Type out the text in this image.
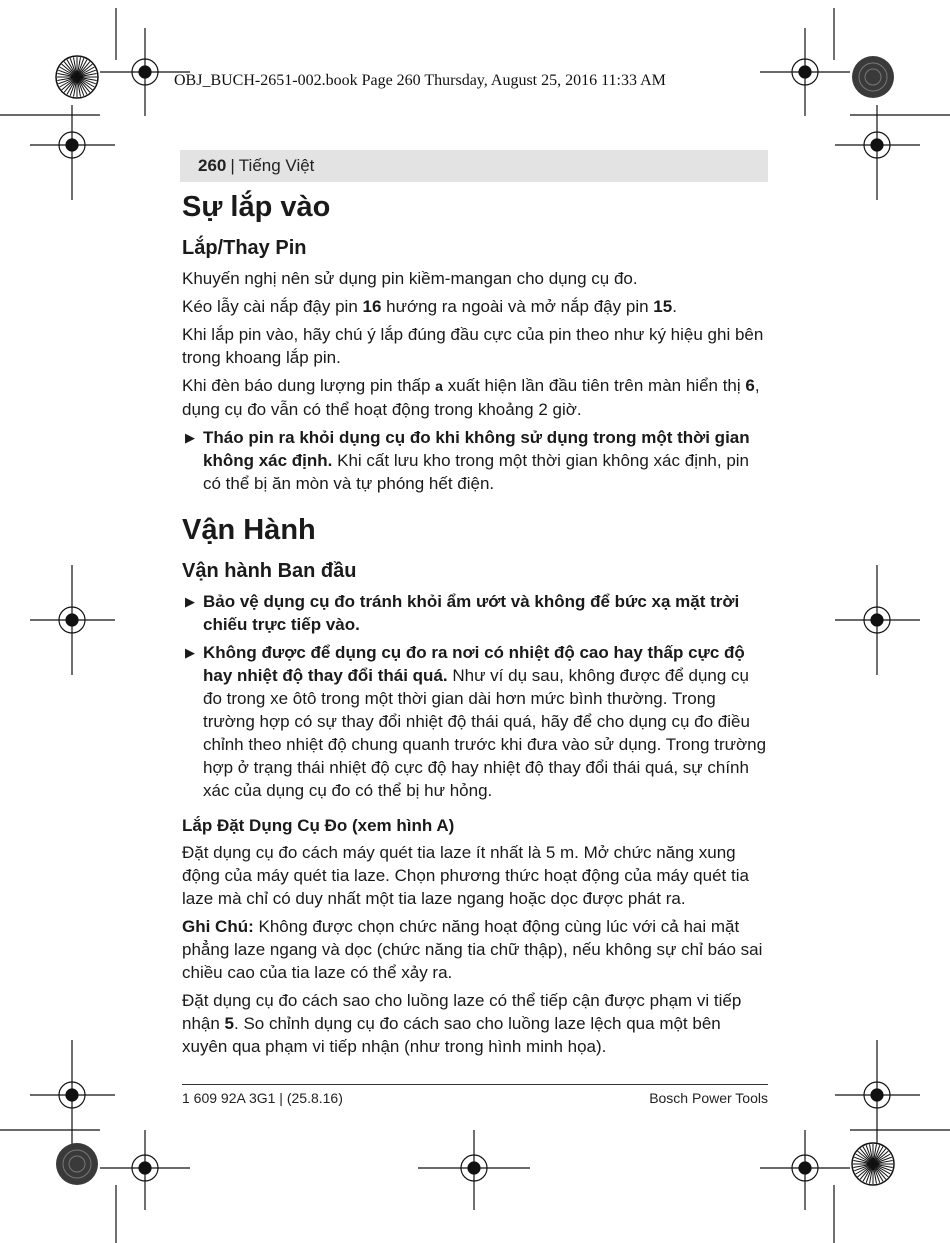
OBJ_BUCH-2651-002.book Page 260 Thursday, August 25, 2016 11:33 AM
260 | Tiếng Việt
Sự lắp vào
Lắp/Thay Pin

Khuyến nghị nên sử dụng pin kiềm-mangan cho dụng cụ đo.

Kéo lẫy cài nắp đậy pin 16 hướng ra ngoài và mở nắp đậy pin 15.

Khi lắp pin vào, hãy chú ý lắp đúng đầu cực của pin theo như ký hiệu ghi bên trong khoang lắp pin.

Khi đèn báo dung lượng pin thấp a xuất hiện lần đầu tiên trên màn hiển thị 6, dụng cụ đo vẫn có thể hoạt động trong khoảng 2 giờ.

▶ Tháo pin ra khỏi dụng cụ đo khi không sử dụng trong một thời gian không xác định. Khi cất lưu kho trong một thời gian không xác định, pin có thể bị ăn mòn và tự phóng hết điện.
Vận Hành
Vận hành Ban đầu
▶ Bảo vệ dụng cụ đo tránh khỏi ẩm ướt và không để bức xạ mặt trời chiếu trực tiếp vào.
▶ Không được để dụng cụ đo ra nơi có nhiệt độ cao hay thấp cực độ hay nhiệt độ thay đổi thái quá. Như ví dụ sau, không được để dụng cụ đo trong xe ôtô trong một thời gian dài hơn mức bình thường. Trong trường hợp có sự thay đổi nhiệt độ thái quá, hãy để cho dụng cụ đo điều chỉnh theo nhiệt độ chung quanh trước khi đưa vào sử dụng. Trong trường hợp ở trạng thái nhiệt độ cực độ hay nhiệt độ thay đổi thái quá, sự chính xác của dụng cụ đo có thể bị hư hỏng.
Lắp Đặt Dụng Cụ Đo (xem hình A)

Đặt dụng cụ đo cách máy quét tia laze ít nhất là 5 m. Mở chức năng xung động của máy quét tia laze. Chọn phương thức hoạt động của máy quét tia laze mà chỉ có duy nhất một tia laze ngang hoặc dọc được phát ra.

Ghi Chú: Không được chọn chức năng hoạt động cùng lúc với cả hai mặt phẳng laze ngang và dọc (chức năng tia chữ thập), nếu không sự chỉ báo sai chiều cao của tia laze có thể xảy ra.

Đặt dụng cụ đo cách sao cho luồng laze có thể tiếp cận được phạm vi tiếp nhận 5. So chỉnh dụng cụ đo cách sao cho luồng laze lệch qua một bên xuyên qua phạm vi tiếp nhận (như trong hình minh họa).

1 609 92A 3G1 | (25.8.16)	Bosch Power Tools
